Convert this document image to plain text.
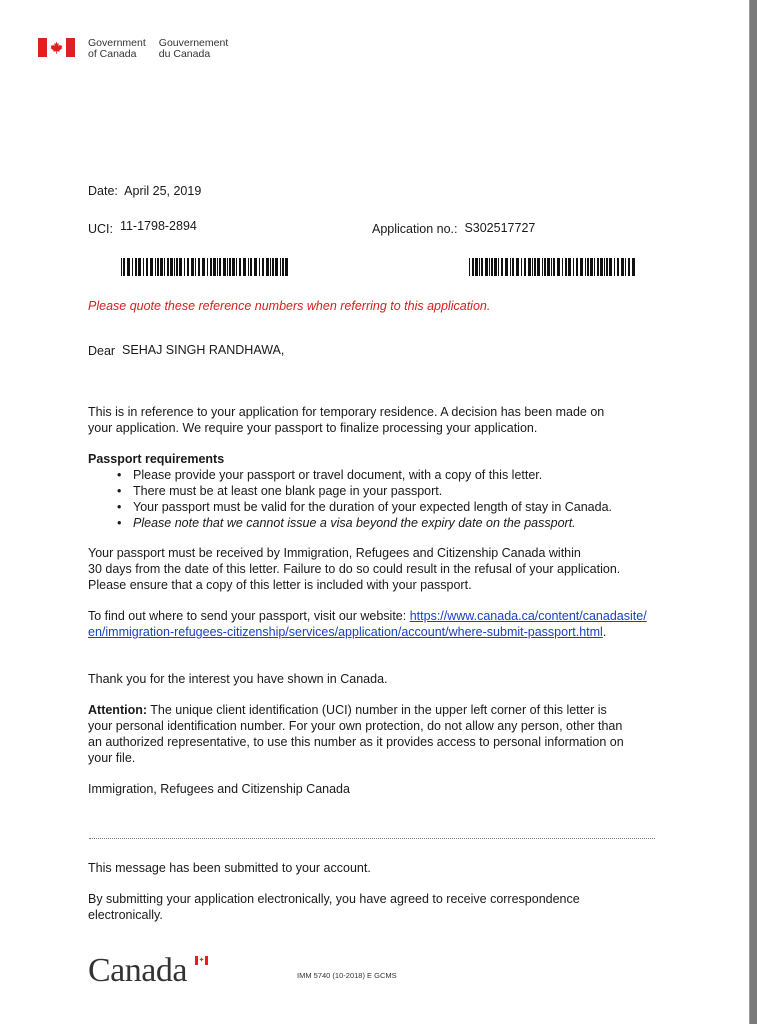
Government
of Canada
Gouvernement
du Canada
Date: April 25, 2019
UCI: 11-1798-2894	Application no.: S302517727
Please quote these reference numbers when referring to this application.
Dear SEHAJ SINGH RANDHAWA,
This is in reference to your application for temporary residence. A decision has been made on
your application. We require your passport to finalize processing your application.
Passport requirements
• Please provide your passport or travel document, with a copy of this letter.
• There must be at least one blank page in your passport.
• Your passport must be valid for the duration of your expected length of stay in Canada.
• Please note that we cannot issue a visa beyond the expiry date on the passport.
Your passport must be received by Immigration, Refugees and Citizenship Canada within
30 days from the date of this letter. Failure to do so could result in the refusal of your application.
Please ensure that a copy of this letter is included with your passport.
To find out where to send your passport, visit our website: https://www.canada.ca/content/canadasite/
en/immigration-refugees-citizenship/services/application/account/where-submit-passport.html.
Thank you for the interest you have shown in Canada.
Attention: The unique client identification (UCI) number in the upper left corner of this letter is
your personal identification number. For your own protection, do not allow any person, other than
an authorized representative, to use this number as it provides access to personal information on
your file.
Immigration, Refugees and Citizenship Canada
This message has been submitted to your account.
By submitting your application electronically, you have agreed to receive correspondence
electronically.
Canada ✦
IMM 5740 (10-2018) E GCMS
